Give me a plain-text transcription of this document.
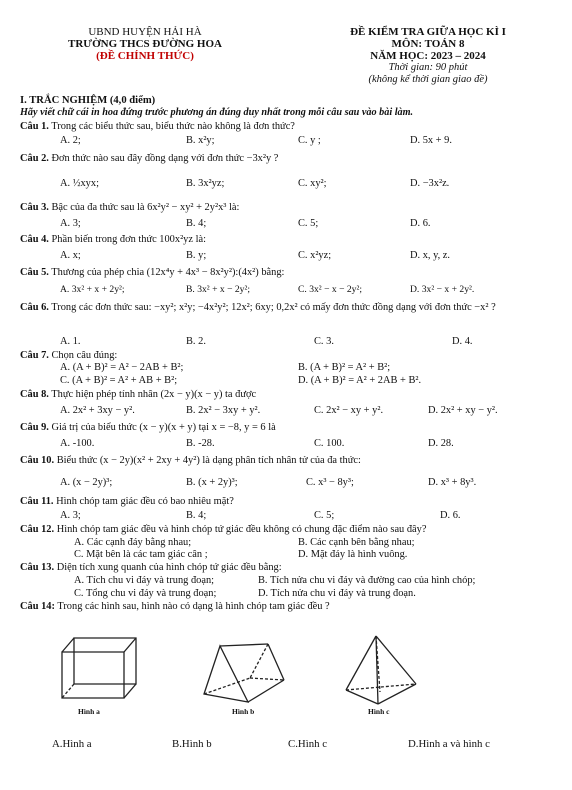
UBND HUYỆN HẢI HÀ
TRƯỜNG THCS ĐƯỜNG HOA
(ĐỀ CHÍNH THỨC)
ĐỀ KIỂM TRA GIỮA HỌC KÌ I
MÔN: TOÁN 8
NĂM HỌC: 2023 – 2024
Thời gian: 90 phút
(không kể thời gian giao đề)
I. TRẮC NGHIỆM (4,0 điểm)
Hãy viết chữ cái in hoa đứng trước phương án đúng duy nhất trong mỗi câu sau vào bài làm.
Câu 1. Trong các biểu thức sau, biểu thức nào không là đơn thức?
A. 2;	B. x²y;	C. y ;	D. 5x + 9.
Câu 2. Đơn thức nào sau đây đồng dạng với đơn thức −3x²y ?
A. ½xyx;	B. 3x²yz;	C. xy²;	D. −3x²z.
Câu 3. Bậc của đa thức sau là 6x²y² − xy² + 2y²x³ là:
A. 3;	B. 4;	C. 5;	D. 6.
Câu 4. Phần biến trong đơn thức 100x²yz là:
A. x;	B. y;	C. x²yz;	D. x, y, z.
Câu 5. Thương của phép chia (12x⁴y + 4x³ − 8x²y²):(4x²) bằng:
A. 3x² + x + 2y²;	B. 3x² + x − 2y²;	C. 3x² − x − 2y²;	D. 3x² − x + 2y².
Câu 6. Trong các đơn thức sau: −xy²; x²y; −4x²y²; 12x²; 6xy; 0,2x² có mấy đơn thức đồng dạng với đơn thức −x² ?
A. 1.	B. 2.	C. 3.	D. 4.
Câu 7. Chọn câu đúng:
A. (A + B)² = A² − 2AB + B²;	B. (A + B)² = A² + B²;
C. (A + B)² = A² + AB + B²;	D. (A + B)² = A² + 2AB + B².
Câu 8. Thực hiện phép tính nhân (2x − y)(x − y) ta được
A. 2x² + 3xy − y².	B. 2x² − 3xy + y².	C. 2x² − xy + y².	D. 2x² + xy − y².
Câu 9. Giá trị của biểu thức (x − y)(x + y) tại x = −8, y = 6 là
A. -100.	B. -28.	C. 100.	D. 28.
Câu 10. Biểu thức (x − 2y)(x² + 2xy + 4y²) là dạng phân tích nhân tử của đa thức:
A. (x − 2y)³;	B. (x + 2y)³;	C. x³ − 8y³;	D. x³ + 8y³.
Câu 11. Hình chóp tam giác đều có bao nhiêu mặt?
A. 3;	B. 4;	C. 5;	D. 6.
Câu 12. Hình chóp tam giác đều và hình chóp tứ giác đều không có chung đặc điểm nào sau đây?
A. Các cạnh đáy bằng nhau;	B. Các cạnh bên bằng nhau;
C. Mặt bên là các tam giác cân ;	D. Mặt đáy là hình vuông.
Câu 13. Diện tích xung quanh của hình chóp tứ giác đều bằng:
A. Tích chu vi đáy và trung đoạn;	B. Tích nửa chu vi đáy và đường cao của hình chóp;
C. Tổng chu vi đáy và trung đoạn;	D. Tích nửa chu vi đáy và trung đoạn.
Câu 14: Trong các hình sau, hình nào có dạng là hình chóp tam giác đều ?
Hình a	Hình b	Hình c
A.Hình a	B.Hình b	C.Hình c	D.Hình a và hình c
